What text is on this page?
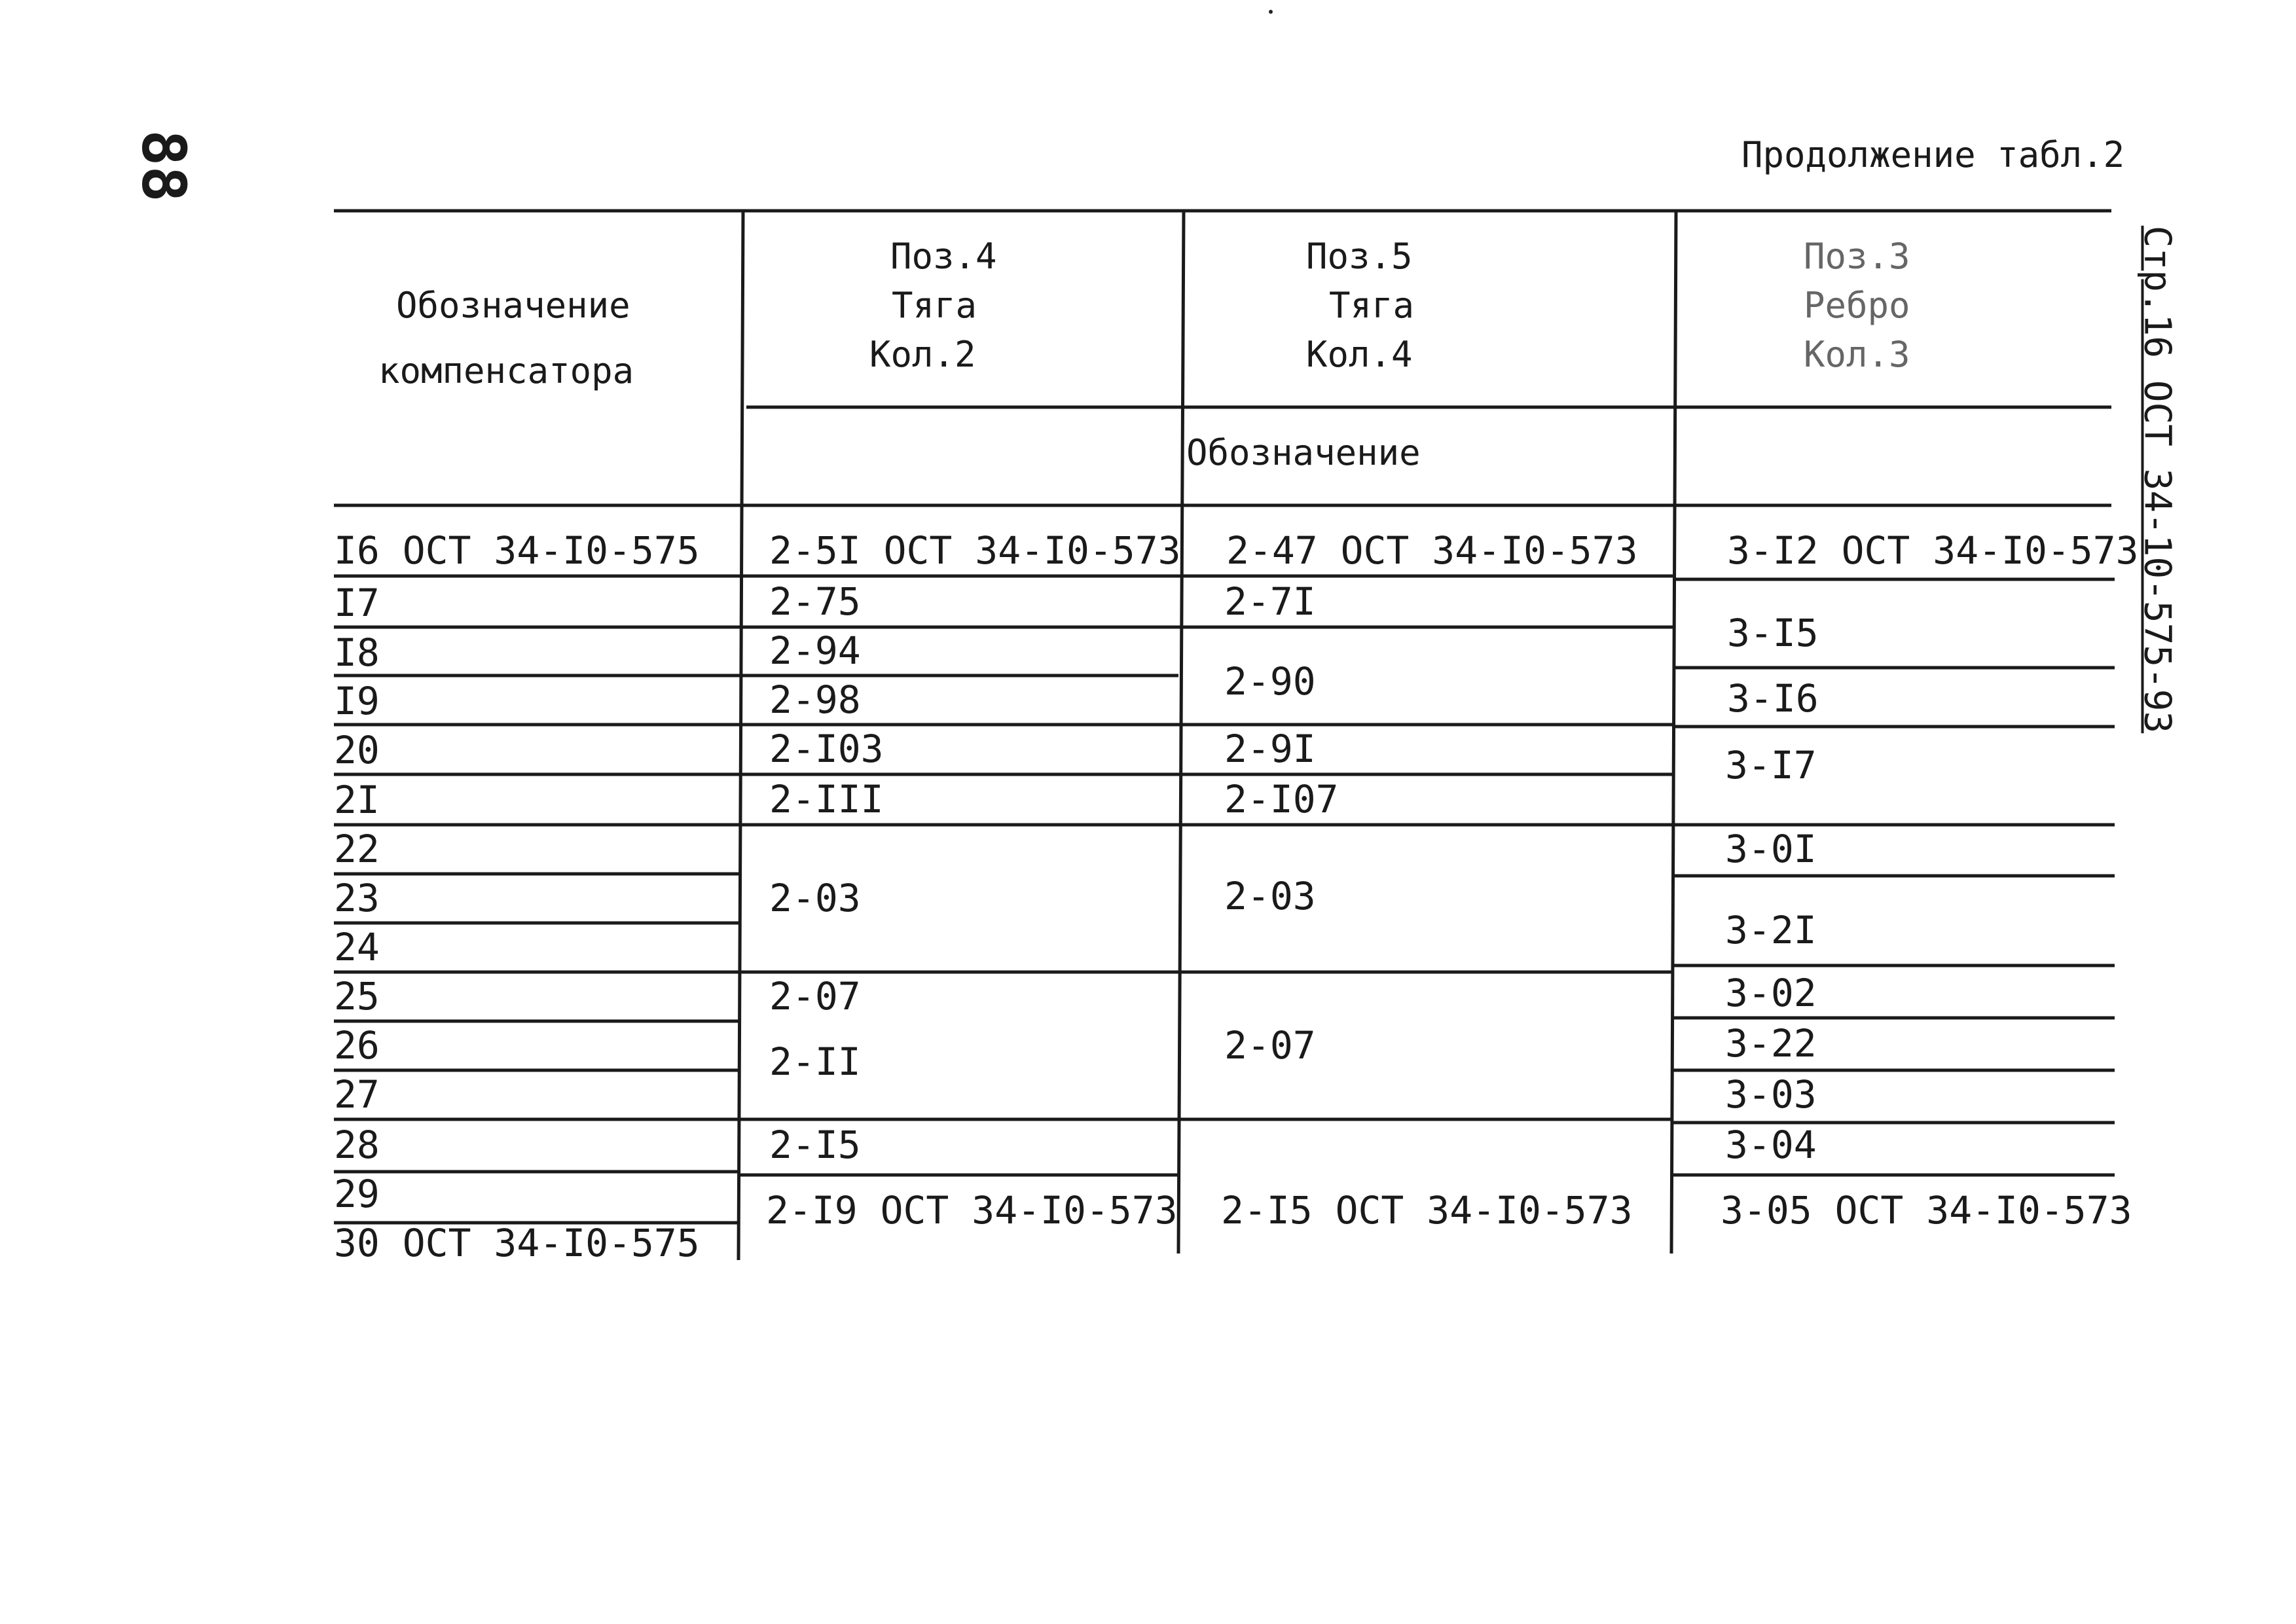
88	Продолжение табл.2
Стр.16 ОСТ 34-10-575-93
Обозначение
компенсатора
Поз.4
Тяга
Кол.2
Поз.5
Тяга
Кол.4
Поз.3
Ребро
Кол.3
Обозначение
I6 ОСТ 34-I0-575
I7
I8
I9
20
2I
22
23
24
25
26
27
28
29
30 ОСТ 34-I0-575
2-5I ОСТ 34-I0-573
2-75
2-94
2-98
2-I03
2-III
2-03
2-07
2-II
2-I5
2-I9 ОСТ 34-I0-573
2-47 ОСТ 34-I0-573
2-7I
2-90
2-9I
2-I07
2-03
2-07
2-I5 ОСТ 34-I0-573
3-I2 ОСТ 34-I0-573
3-I5
3-I6
3-I7
3-0I
3-2I
3-02
3-22
3-03
3-04
3-05 ОСТ 34-I0-573
